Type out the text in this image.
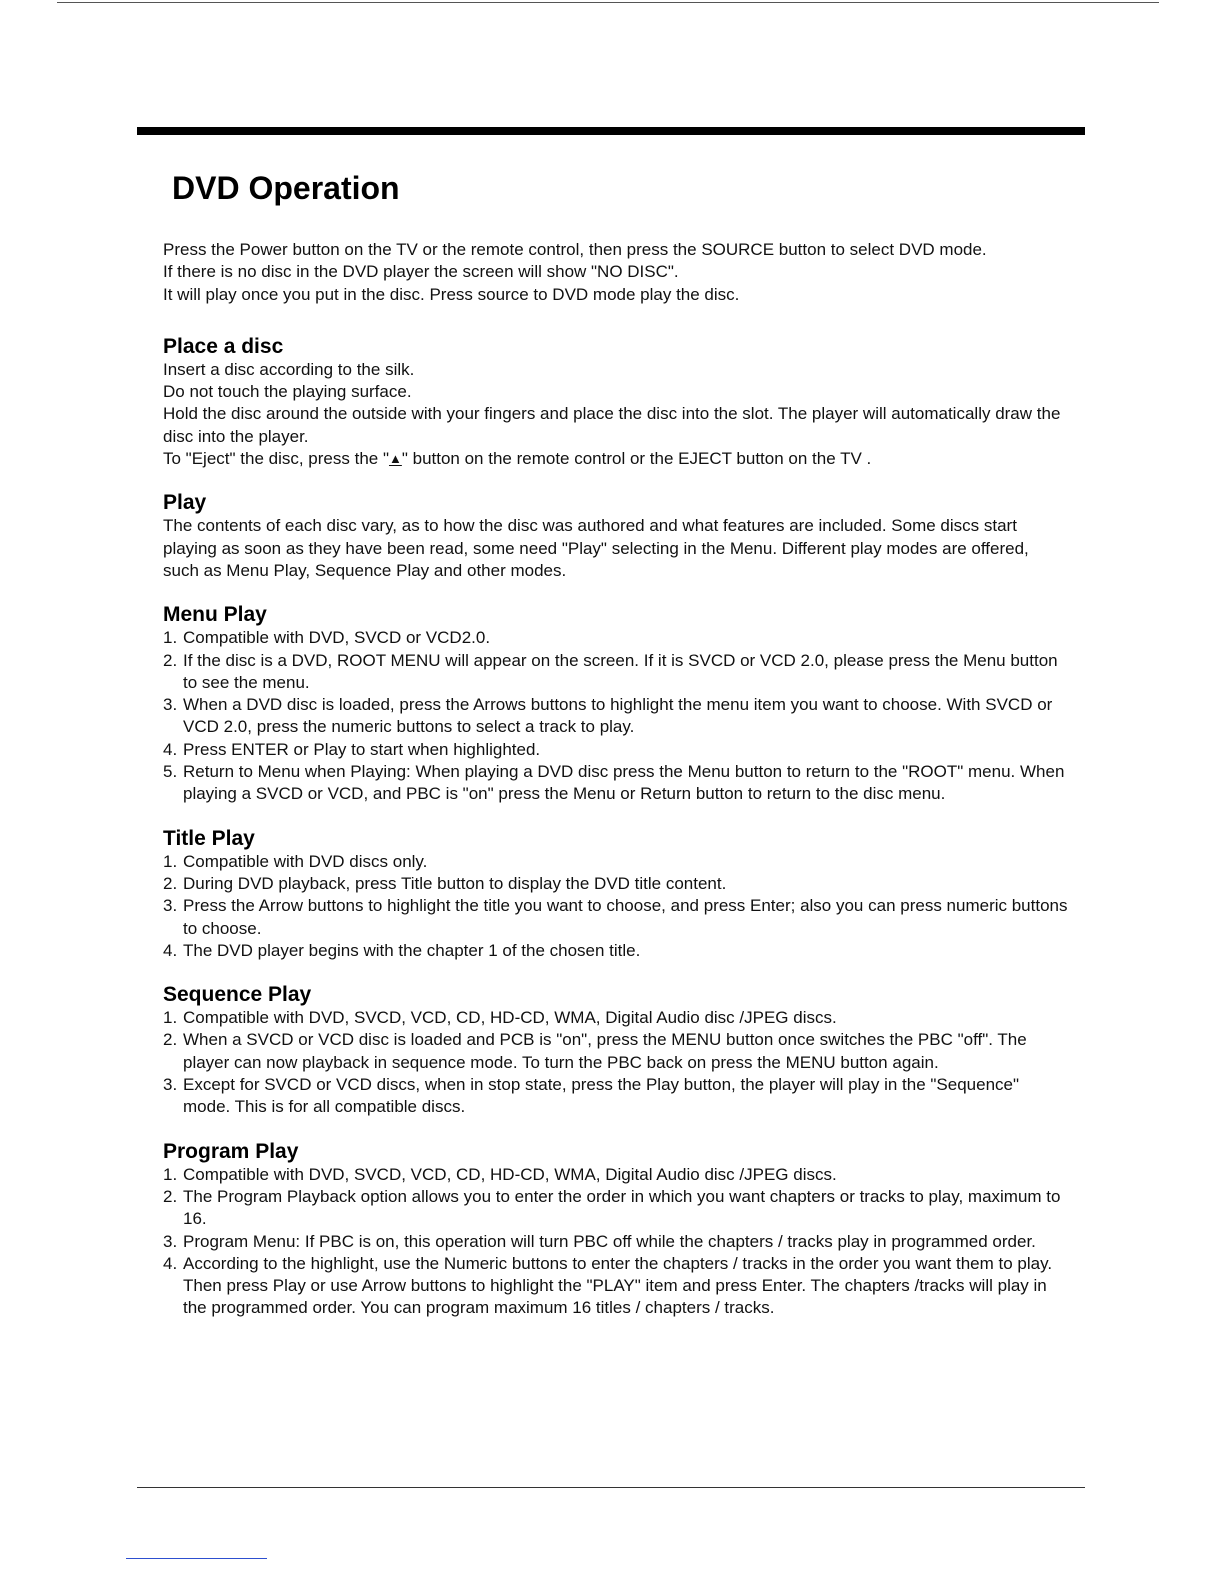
DVD Operation

Press the Power button on the TV or the remote control, then press the SOURCE button to select DVD mode.

If there is no disc in the DVD player the screen will show "NO DISC".

It will play once you put in the disc. Press source to DVD mode play the disc.

Place a disc

Insert a disc according to the silk.

Do not touch the playing surface.

Hold the disc around the outside with your fingers and place the disc into the slot. The player will automatically draw the disc into the player.

To "Eject" the disc, press the "▲" button on the remote control or the EJECT button on the TV .

Play

The contents of each disc vary, as to how the disc was authored and what features are included. Some discs start playing as soon as they have been read, some need "Play" selecting in the Menu. Different play modes are offered, such as Menu Play, Sequence Play and other modes.

Menu Play
1. Compatible with DVD, SVCD or VCD2.0.
2. If the disc is a DVD, ROOT MENU will appear on the screen. If it is SVCD or VCD 2.0, please press the Menu button to see the menu.
3. When a DVD disc is loaded, press the Arrows buttons to highlight the menu item you want to choose. With SVCD or VCD 2.0, press the numeric buttons to select a track to play.
4. Press ENTER or Play to start when highlighted.
5. Return to Menu when Playing: When playing a DVD disc press the Menu button to return to the "ROOT" menu. When playing a SVCD or VCD, and PBC is "on" press the Menu or Return button to return to the disc menu.
Title Play
1. Compatible with DVD discs only.
2. During DVD playback, press Title button to display the DVD title content.
3. Press the Arrow buttons to highlight the title you want to choose, and press Enter; also you can press numeric buttons to choose.
4. The DVD player begins with the chapter 1 of the chosen title.
Sequence Play
1. Compatible with DVD, SVCD, VCD, CD, HD-CD, WMA, Digital Audio disc /JPEG discs.
2. When a SVCD or VCD disc is loaded and PCB is "on", press the MENU button once switches the PBC "off". The player can now playback in sequence mode. To turn the PBC back on press the MENU button again.
3. Except for SVCD or VCD discs, when in stop state, press the Play button, the player will play in the "Sequence" mode. This is for all compatible discs.
Program Play
1. Compatible with DVD, SVCD, VCD, CD, HD-CD, WMA, Digital Audio disc /JPEG discs.
2. The Program Playback option allows you to enter the order in which you want chapters or tracks to play, maximum to 16.
3. Program Menu: If PBC is on, this operation will turn PBC off while the chapters / tracks play in programmed order.
4. According to the highlight, use the Numeric buttons to enter the chapters / tracks in the order you want them to play. Then press Play or use Arrow buttons to highlight the "PLAY" item and press Enter. The chapters /tracks will play in the programmed order. You can program maximum 16 titles / chapters / tracks.
